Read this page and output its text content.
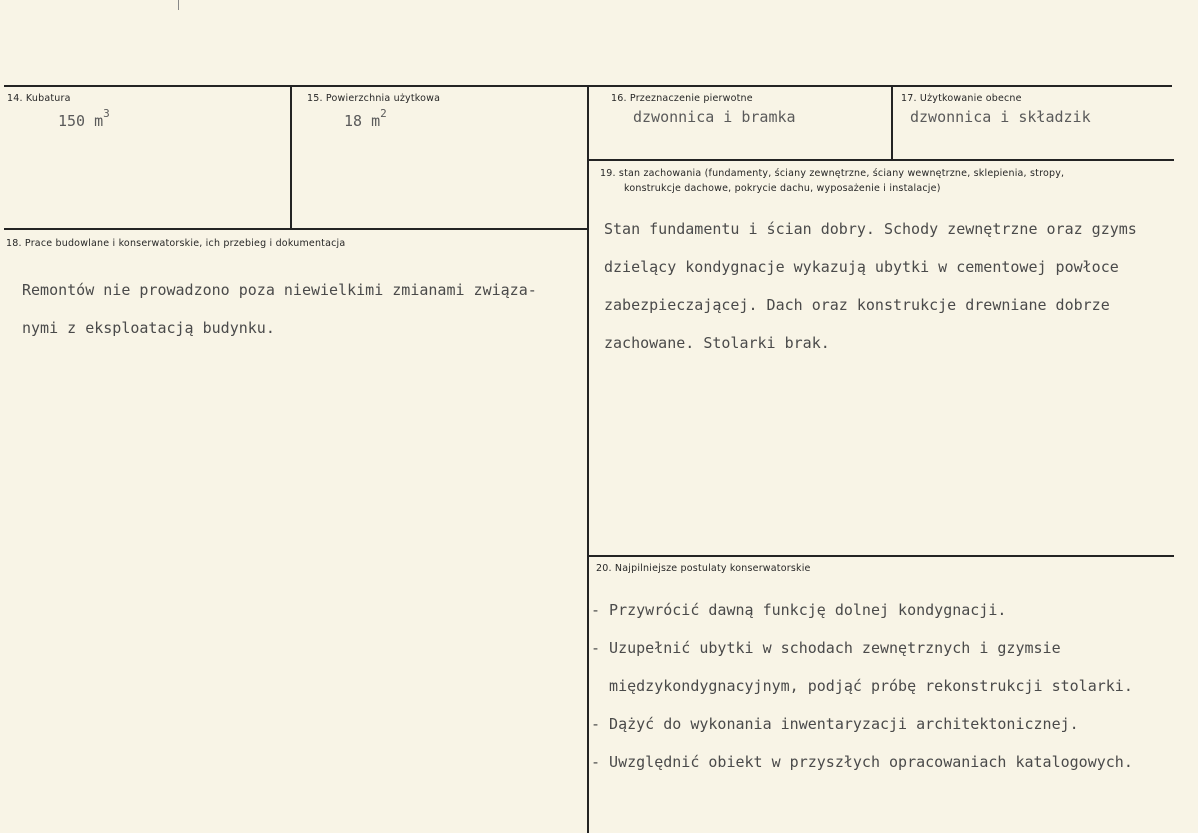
14. Kubatura
150 $m^3$
15. Powierzchnia użytkowa
18 $m^2$
16. Przeznaczenie pierwotne
dzwonnica i bramka
17. Użytkowanie obecne
dzwonnica i składzik
19. stan zachowania (fundamenty, ściany zewnętrzne, ściany wewnętrzne, sklepienia, stropy,
konstrukcje dachowe, pokrycie dachu, wyposażenie i instalacje)

Stan fundamentu i ścian dobry. Schody zewnętrzne oraz gzyms

dzielący kondygnacje wykazują ubytki w cementowej powłoce

zabezpieczającej. Dach oraz konstrukcje drewniane dobrze

zachowane. Stolarki brak.

18. Prace budowlane i konserwatorskie, ich przebieg i dokumentacja

Remontów nie prowadzono poza niewielkimi zmianami związa-

nymi z eksploatacją budynku.

20. Najpilniejsze postulaty konserwatorskie

- Przywrócić dawną funkcję dolnej kondygnacji.

- Uzupełnić ubytki w schodach zewnętrznych i gzymsie

międzykondygnacyjnym, podjąć próbę rekonstrukcji stolarki.

- Dążyć do wykonania inwentaryzacji architektonicznej.

- Uwzględnić obiekt w przyszłych opracowaniach katalogowych.
